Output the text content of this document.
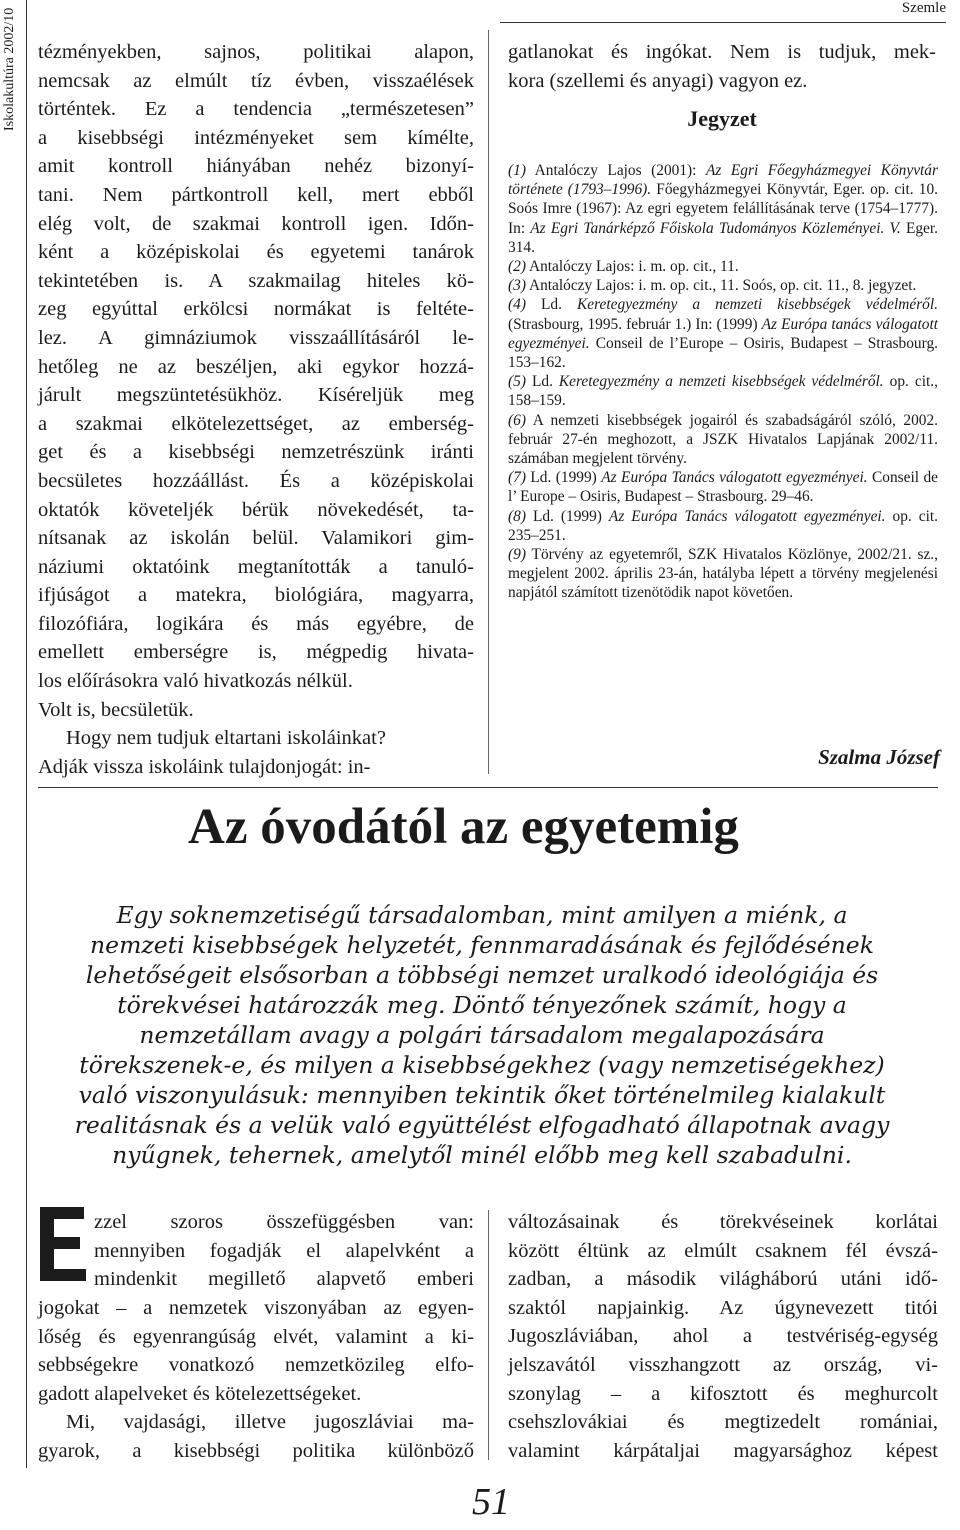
Iskolakultúra 2002/10	Szemle

tézményekben, sajnos, politikai alapon,

nemcsak az elmúlt tíz évben, visszaélések

történtek. Ez a tendencia „természetesen”

a kisebbségi intézményeket sem kímélte,

amit kontroll hiányában nehéz bizonyí-

tani. Nem pártkontroll kell, mert ebből

elég volt, de szakmai kontroll igen. Időn-

ként a középiskolai és egyetemi tanárok

tekintetében is. A szakmailag hiteles kö-

zeg egyúttal erkölcsi normákat is feltéte-

lez. A gimnáziumok visszaállításáról le-

hetőleg ne az beszéljen, aki egykor hozzá-

járult megszüntetésükhöz. Kíséreljük meg

a szakmai elkötelezettséget, az emberség-

get és a kisebbségi nemzetrészünk iránti

becsületes hozzáállást. És a középiskolai

oktatók követeljék bérük növekedését, ta-

nítsanak az iskolán belül. Valamikori gim-

náziumi oktatóink megtanították a tanuló-

ifjúságot a matekra, biológiára, magyarra,

filozófiára, logikára és más egyébre, de

emellett emberségre is, mégpedig hivata-

los előírásokra való hivatkozás nélkül.

Volt is, becsületük.

Hogy nem tudjuk eltartani iskoláinkat?

Adják vissza iskoláink tulajdonjogát: in-

gatlanokat és ingókat. Nem is tudjuk, mek-

kora (szellemi és anyagi) vagyon ez.

Jegyzet

(1) Antalóczy Lajos (2001): Az Egri Főegyházmegyei Könyvtár története (1793–1996). Főegyházmegyei Könyvtár, Eger. op. cit. 10. Soós Imre (1967): Az egri egyetem felállításának terve (1754–1777). In: Az Egri Tanárképző Főiskola Tudományos Közleményei. V. Eger. 314.

(2) Antalóczy Lajos: i. m. op. cit., 11.

(3) Antalóczy Lajos: i. m. op. cit., 11. Soós, op. cit. 11., 8. jegyzet.

(4) Ld. Keretegyezmény a nemzeti kisebbségek védelméről. (Strasbourg, 1995. február 1.) In: (1999) Az Európa tanács válogatott egyezményei. Conseil de l’Europe – Osiris, Budapest – Strasbourg. 153–162.

(5) Ld. Keretegyezmény a nemzeti kisebbségek védelméről. op. cit., 158–159.

(6) A nemzeti kisebbségek jogairól és szabadságáról szóló, 2002. február 27-én meghozott, a JSZK Hivatalos Lapjának 2002/11. számában megjelent törvény.

(7) Ld. (1999) Az Európa Tanács válogatott egyezményei. Conseil de l’ Europe – Osiris, Budapest – Strasbourg. 29–46.

(8) Ld. (1999) Az Európa Tanács válogatott egyezményei. op. cit. 235–251.

(9) Törvény az egyetemről, SZK Hivatalos Közlönye, 2002/21. sz., megjelent 2002. április 23-án, hatályba lépett a törvény megjelenési napjától számított tizenötödik napot követően.

Szalma József
Az óvodától az egyetemig
Egy soknemzetiségű társadalomban, mint amilyen a miénk, a
nemzeti kisebbségek helyzetét, fennmaradásának és fejlődésének
lehetőségeit elsősorban a többségi nemzet uralkodó ideológiája és
törekvései határozzák meg. Döntő tényezőnek számít, hogy a
nemzetállam avagy a polgári társadalom megalapozására
törekszenek-e, és milyen a kisebbségekhez (vagy nemzetiségekhez)
való viszonyulásuk: mennyiben tekintik őket történelmileg kialakult
realitásnak és a velük való együttélést elfogadható állapotnak avagy
nyűgnek, tehernek, amelytől minél előbb meg kell szabadulni.

zzel szoros összefüggésben van:

mennyiben fogadják el alapelvként a

mindenkit megillető alapvető emberi

jogokat – a nemzetek viszonyában az egyen-

lőség és egyenrangúság elvét, valamint a ki-

sebbségekre vonatkozó nemzetközileg elfo-

gadott alapelveket és kötelezettségeket.

Mi, vajdasági, illetve jugoszláviai ma-

gyarok, a kisebbségi politika különböző

változásainak és törekvéseinek korlátai

között éltünk az elmúlt csaknem fél évszá-

zadban, a második világháború utáni idő-

szaktól napjainkig. Az úgynevezett titói

Jugoszláviában, ahol a testvériség-egység

jelszavától visszhangzott az ország, vi-

szonylag – a kifosztott és meghurcolt

csehszlovákiai és megtizedelt romániai,

valamint kárpátaljai magyarsághoz képest

51
